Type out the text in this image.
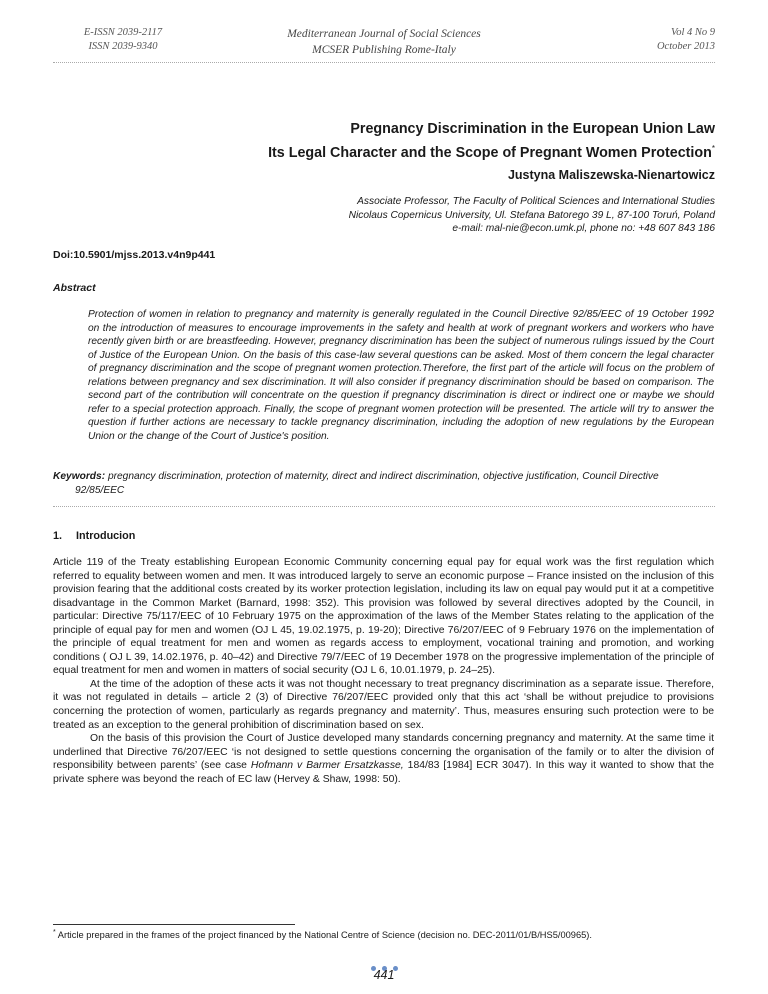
E-ISSN 2039-2117
ISSN 2039-9340
Mediterranean Journal of Social Sciences
MCSER Publishing Rome-Italy
Vol 4 No 9
October 2013
Pregnancy Discrimination in the European Union Law
Its Legal Character and the Scope of Pregnant Women Protection*
Justyna Maliszewska-Nienartowicz
Associate Professor, The Faculty of Political Sciences and International Studies
Nicolaus Copernicus University, Ul. Stefana Batorego 39 L, 87-100 Toruń, Poland
e-mail: mal-nie@econ.umk.pl, phone no: +48 607 843 186
Doi:10.5901/mjss.2013.v4n9p441
Abstract
Protection of women in relation to pregnancy and maternity is generally regulated in the Council Directive 92/85/EEC of 19 October 1992 on the introduction of measures to encourage improvements in the safety and health at work of pregnant workers and workers who have recently given birth or are breastfeeding. However, pregnancy discrimination has been the subject of numerous rulings issued by the Court of Justice of the European Union. On the basis of this case-law several questions can be asked. Most of them concern the legal character of pregnancy discrimination and the scope of pregnant women protection.Therefore, the first part of the article will focus on the problem of relations between pregnancy and sex discrimination. It will also consider if pregnancy discrimination should be based on comparison. The second part of the contribution will concentrate on the question if pregnancy discrimination is direct or indirect one or maybe we should refer to a special protection approach. Finally, the scope of pregnant women protection will be presented. The article will try to answer the question if further actions are necessary to tackle pregnancy discrimination, including the adoption of new regulations by the European Union or the change of the Court of Justice's position.
Keywords: pregnancy discrimination, protection of maternity, direct and indirect discrimination, objective justification, Council Directive
92/85/EEC
1. Introducion

Article 119 of the Treaty establishing European Economic Community concerning equal pay for equal work was the first regulation which referred to equality between women and men. It was introduced largely to serve an economic purpose – France insisted on the inclusion of this provision fearing that the additional costs created by its worker protection legislation, including its law on equal pay would put it at a competitive disadvantage in the Common Market (Barnard, 1998: 352). This provision was followed by several directives adopted by the Council, in particular: Directive 75/117/EEC of 10 February 1975 on the approximation of the laws of the Member States relating to the application of the principle of equal pay for men and women (OJ L 45, 19.02.1975, p. 19-20); Directive 76/207/EEC of 9 February 1976 on the implementation of the principle of equal treatment for men and women as regards access to employment, vocational training and promotion, and working conditions ( OJ L 39, 14.02.1976, p. 40–42) and Directive 79/7/EEC of 19 December 1978 on the progressive implementation of the principle of equal treatment for men and women in matters of social security (OJ L 6, 10.01.1979, p. 24–25).

At the time of the adoption of these acts it was not thought necessary to treat pregnancy discrimination as a separate issue. Therefore, it was not regulated in details – article 2 (3) of Directive 76/207/EEC provided only that this act ‘shall be without prejudice to provisions concerning the protection of women, particularly as regards pregnancy and maternity’. Thus, measures ensuring such protection were to be treated as an exception to the general prohibition of discrimination based on sex.

On the basis of this provision the Court of Justice developed many standards concerning pregnancy and maternity. At the same time it underlined that Directive 76/207/EEC ‘is not designed to settle questions concerning the organisation of the family or to alter the division of responsibility between parents’ (see case Hofmann v Barmer Ersatzkasse, 184/83 [1984] ECR 3047). In this way it wanted to show that the private sphere was beyond the reach of EC law (Hervey & Shaw, 1998: 50).

* Article prepared in the frames of the project financed by the National Centre of Science (decision no. DEC-2011/01/B/HS5/00965).
441
